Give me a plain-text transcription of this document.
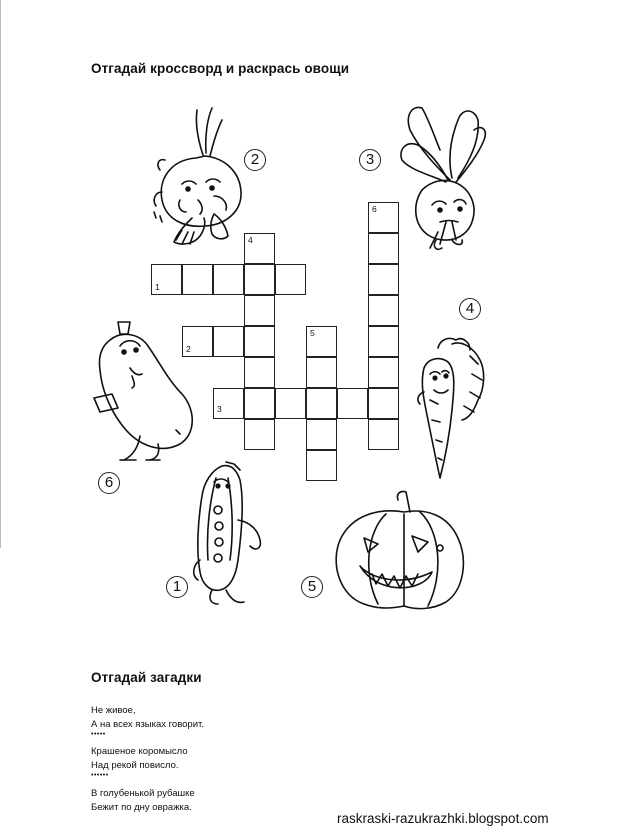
Отгадай кроссворд и раскрась овощи
1
4
2
3
5
6
2	3
4
6
1	5
Отгадай загадки
Не живое,
А на всех языках говорит.
•••••
Крашеное коромысло
Над рекой повисло.
••••••
В голубенькой рубашке
Бежит по дну овражка.
raskraski-razukrazhki.blogspot.com
